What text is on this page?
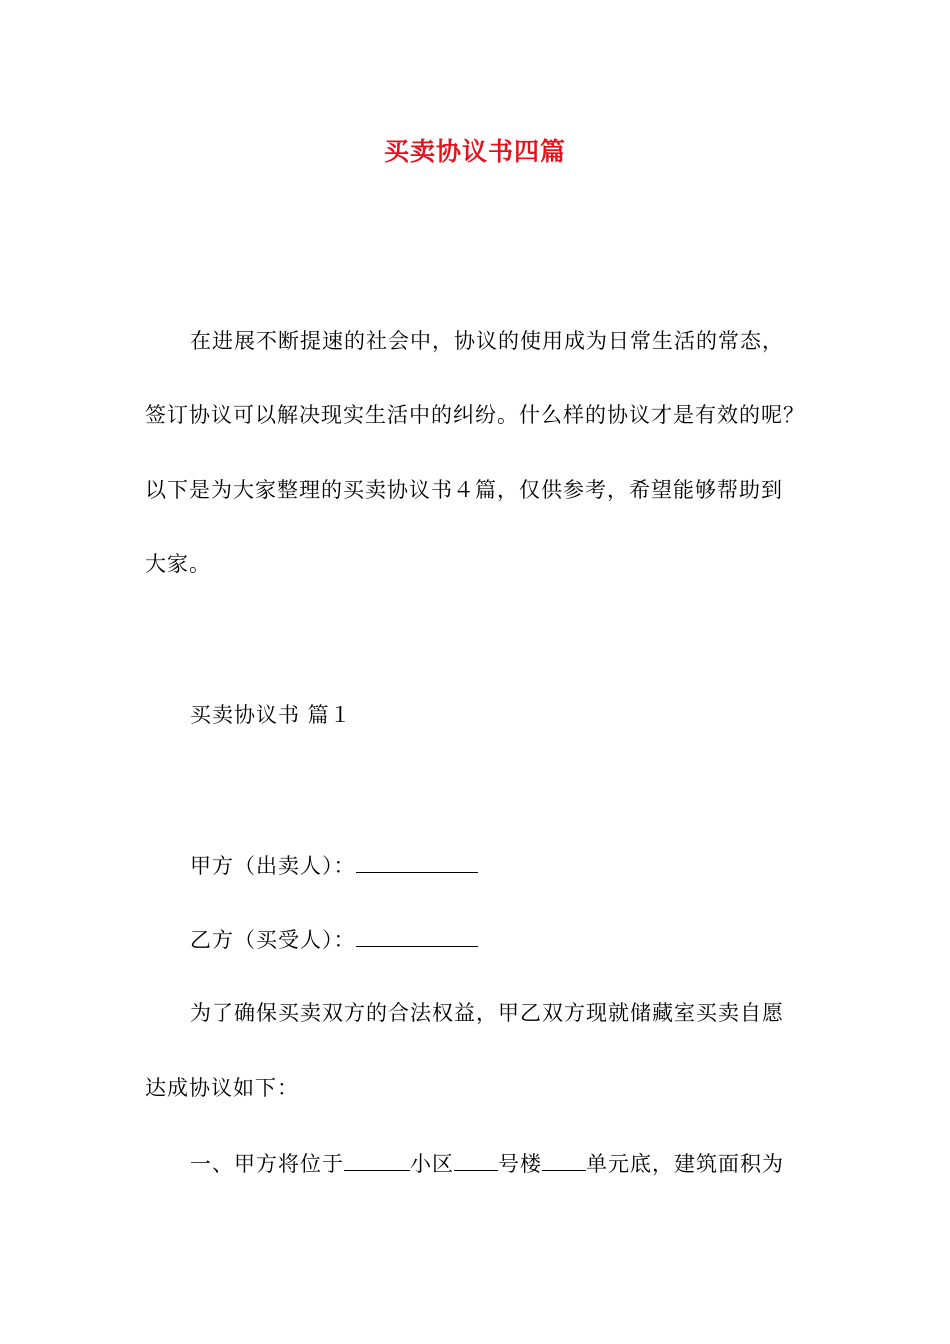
买卖协议书四篇

在进展不断提速的社会中，协议的使用成为日常生活的常态，

签订协议可以解决现实生活中的纠纷。什么样的协议才是有效的呢？

以下是为大家整理的买卖协议书４篇，仅供参考，希望能够帮助到

大家。

买卖协议书 篇１

甲方（出卖人）：

乙方（买受人）：

为了确保买卖双方的合法权益，甲乙双方现就储藏室买卖自愿

达成协议如下：

一、甲方将位于	小区 号楼 单元底，建筑面积为
